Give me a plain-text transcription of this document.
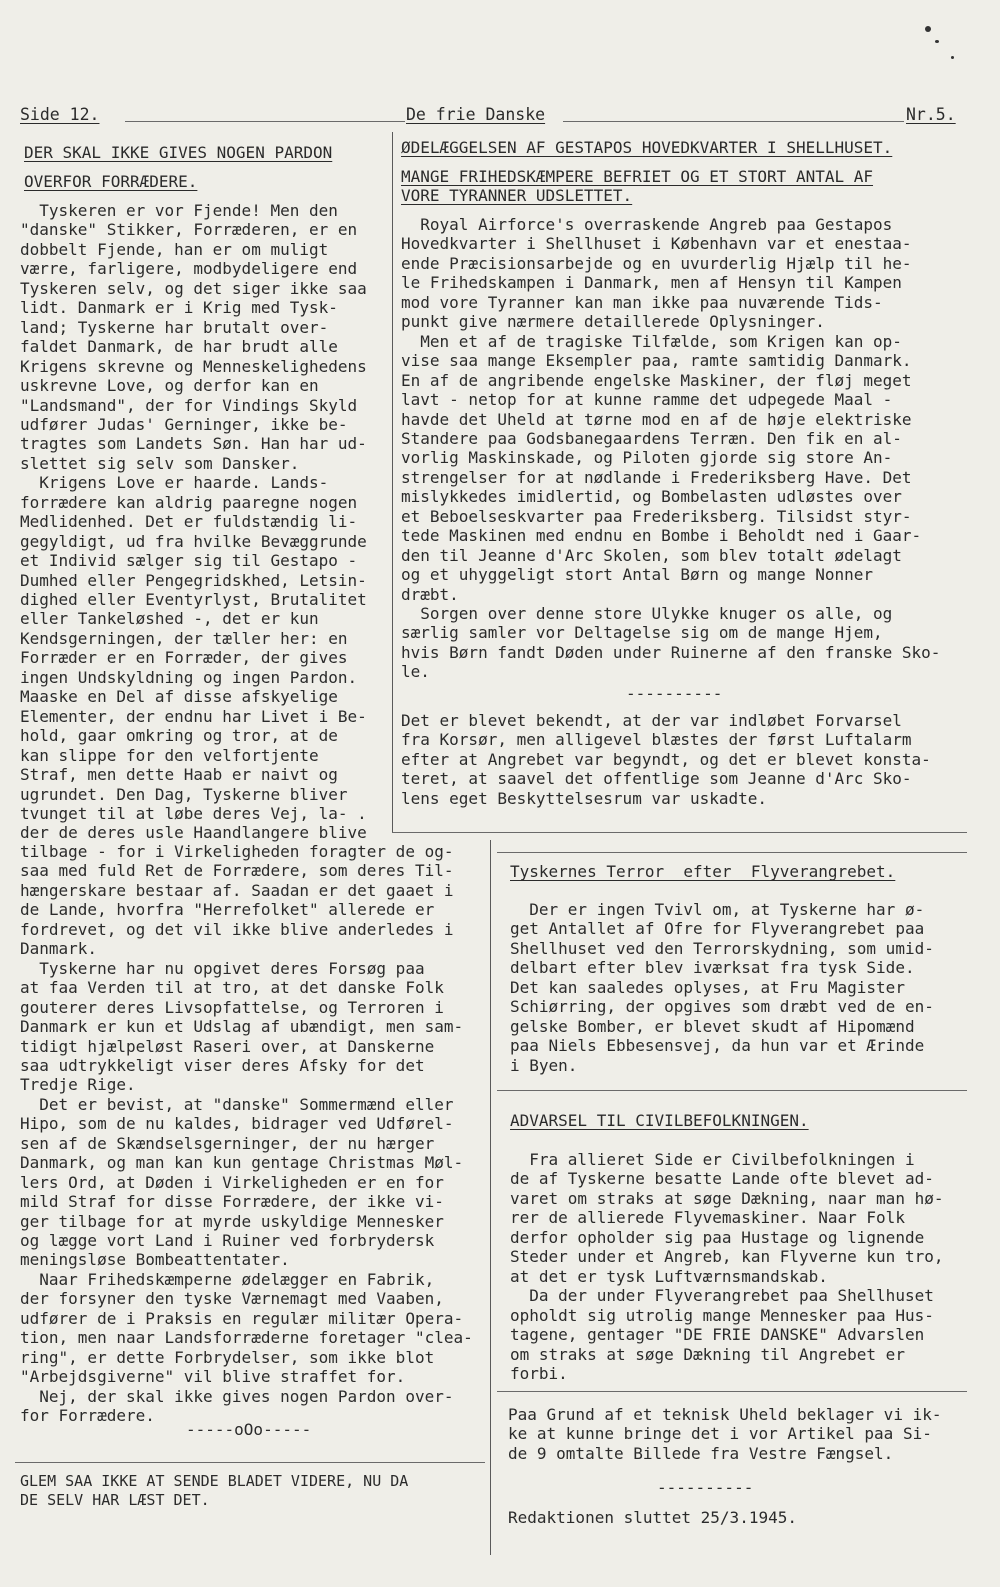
Side 12.	De frie Danske	Nr.5.

DER SKAL IKKE GIVES NOGEN PARDON

OVERFOR FORRÆDERE.

Tyskeren er vor Fjende! Men den

"danske" Stikker, Forræderen, er en

dobbelt Fjende, han er om muligt

værre, farligere, modbydeligere end

Tyskeren selv, og det siger ikke saa

lidt. Danmark er i Krig med Tysk-

land; Tyskerne har brutalt over-

faldet Danmark, de har brudt alle

Krigens skrevne og Menneskelighedens

uskrevne Love, og derfor kan en

"Landsmand", der for Vindings Skyld

udfører Judas' Gerninger, ikke be-

tragtes som Landets Søn. Han har ud-

slettet sig selv som Dansker.

Krigens Love er haarde. Lands-

forrædere kan aldrig paaregne nogen

Medlidenhed. Det er fuldstændig li-

gegyldigt, ud fra hvilke Bevæggrunde

et Individ sælger sig til Gestapo -

Dumhed eller Pengegridskhed, Letsin-

dighed eller Eventyrlyst, Brutalitet

eller Tankeløshed -, det er kun

Kendsgerningen, der tæller her: en

Forræder er en Forræder, der gives

ingen Undskyldning og ingen Pardon.

Maaske en Del af disse afskyelige

Elementer, der endnu har Livet i Be-

hold, gaar omkring og tror, at de

kan slippe for den velfortjente

Straf, men dette Haab er naivt og

ugrundet. Den Dag, Tyskerne bliver

tvunget til at løbe deres Vej, la- .

der de deres usle Haandlangere blive

tilbage - for i Virkeligheden foragter de og-

saa med fuld Ret de Forrædere, som deres Til-

hængerskare bestaar af. Saadan er det gaaet i

de Lande, hvorfra "Herrefolket" allerede er

fordrevet, og det vil ikke blive anderledes i

Danmark.

Tyskerne har nu opgivet deres Forsøg paa

at faa Verden til at tro, at det danske Folk

gouterer deres Livsopfattelse, og Terroren i

Danmark er kun et Udslag af ubændigt, men sam-

tidigt hjælpeløst Raseri over, at Danskerne

saa udtrykkeligt viser deres Afsky for det

Tredje Rige.

Det er bevist, at "danske" Sommermænd eller

Hipo, som de nu kaldes, bidrager ved Udførel-

sen af de Skændselsgerninger, der nu hærger

Danmark, og man kan kun gentage Christmas Møl-

lers Ord, at Døden i Virkeligheden er en for

mild Straf for disse Forrædere, der ikke vi-

ger tilbage for at myrde uskyldige Mennesker

og lægge vort Land i Ruiner ved forbrydersk

meningsløse Bombeattentater.

Naar Frihedskæmperne ødelægger en Fabrik,

der forsyner den tyske Værnemagt med Vaaben,

udfører de i Praksis en regulær militær Opera-

tion, men naar Landsforræderne foretager "clea-

ring", er dette Forbrydelser, som ikke blot

"Arbejdsgiverne" vil blive straffet for.

Nej, der skal ikke gives nogen Pardon over-

for Forrædere.

-----oOo-----

GLEM SAA IKKE AT SENDE BLADET VIDERE, NU DA

DE SELV HAR LÆST DET.

ØDELÆGGELSEN AF GESTAPOS HOVEDKVARTER I SHELLHUSET.

MANGE FRIHEDSKÆMPERE BEFRIET OG ET STORT ANTAL AF

VORE TYRANNER UDSLETTET.

Royal Airforce's overraskende Angreb paa Gestapos

Hovedkvarter i Shellhuset i København var et enestaa-

ende Præcisionsarbejde og en uvurderlig Hjælp til he-

le Frihedskampen i Danmark, men af Hensyn til Kampen

mod vore Tyranner kan man ikke paa nuværende Tids-

punkt give nærmere detaillerede Oplysninger.

Men et af de tragiske Tilfælde, som Krigen kan op-

vise saa mange Eksempler paa, ramte samtidig Danmark.

En af de angribende engelske Maskiner, der fløj meget

lavt - netop for at kunne ramme det udpegede Maal -

havde det Uheld at tørne mod en af de høje elektriske

Standere paa Godsbanegaardens Terræn. Den fik en al-

vorlig Maskinskade, og Piloten gjorde sig store An-

strengelser for at nødlande i Frederiksberg Have. Det

mislykkedes imidlertid, og Bombelasten udløstes over

et Beboelseskvarter paa Frederiksberg. Tilsidst styr-

tede Maskinen med endnu en Bombe i Beholdt ned i Gaar-

den til Jeanne d'Arc Skolen, som blev totalt ødelagt

og et uhyggeligt stort Antal Børn og mange Nonner

dræbt.

Sorgen over denne store Ulykke knuger os alle, og

særlig samler vor Deltagelse sig om de mange Hjem,

hvis Børn fandt Døden under Ruinerne af den franske Sko-

le.

----------

Det er blevet bekendt, at der var indløbet Forvarsel

fra Korsør, men alligevel blæstes der først Luftalarm

efter at Angrebet var begyndt, og det er blevet konsta-

teret, at saavel det offentlige som Jeanne d'Arc Sko-

lens eget Beskyttelsesrum var uskadte.

Tyskernes Terror  efter  Flyverangrebet.

Der er ingen Tvivl om, at Tyskerne har ø-

get Antallet af Ofre for Flyverangrebet paa

Shellhuset ved den Terrorskydning, som umid-

delbart efter blev iværksat fra tysk Side.

Det kan saaledes oplyses, at Fru Magister

Schiørring, der opgives som dræbt ved de en-

gelske Bomber, er blevet skudt af Hipomænd

paa Niels Ebbesensvej, da hun var et Ærinde

i Byen.

ADVARSEL TIL CIVILBEFOLKNINGEN.

Fra allieret Side er Civilbefolkningen i

de af Tyskerne besatte Lande ofte blevet ad-

varet om straks at søge Dækning, naar man hø-

rer de allierede Flyvemaskiner. Naar Folk

derfor opholder sig paa Hustage og lignende

Steder under et Angreb, kan Flyverne kun tro,

at det er tysk Luftværnsmandskab.

Da der under Flyverangrebet paa Shellhuset

opholdt sig utrolig mange Mennesker paa Hus-

tagene, gentager "DE FRIE DANSKE" Advarslen

om straks at søge Dækning til Angrebet er

forbi.

Paa Grund af et teknisk Uheld beklager vi ik-

ke at kunne bringe det i vor Artikel paa Si-

de 9 omtalte Billede fra Vestre Fængsel.

----------

Redaktionen sluttet 25/3.1945.
